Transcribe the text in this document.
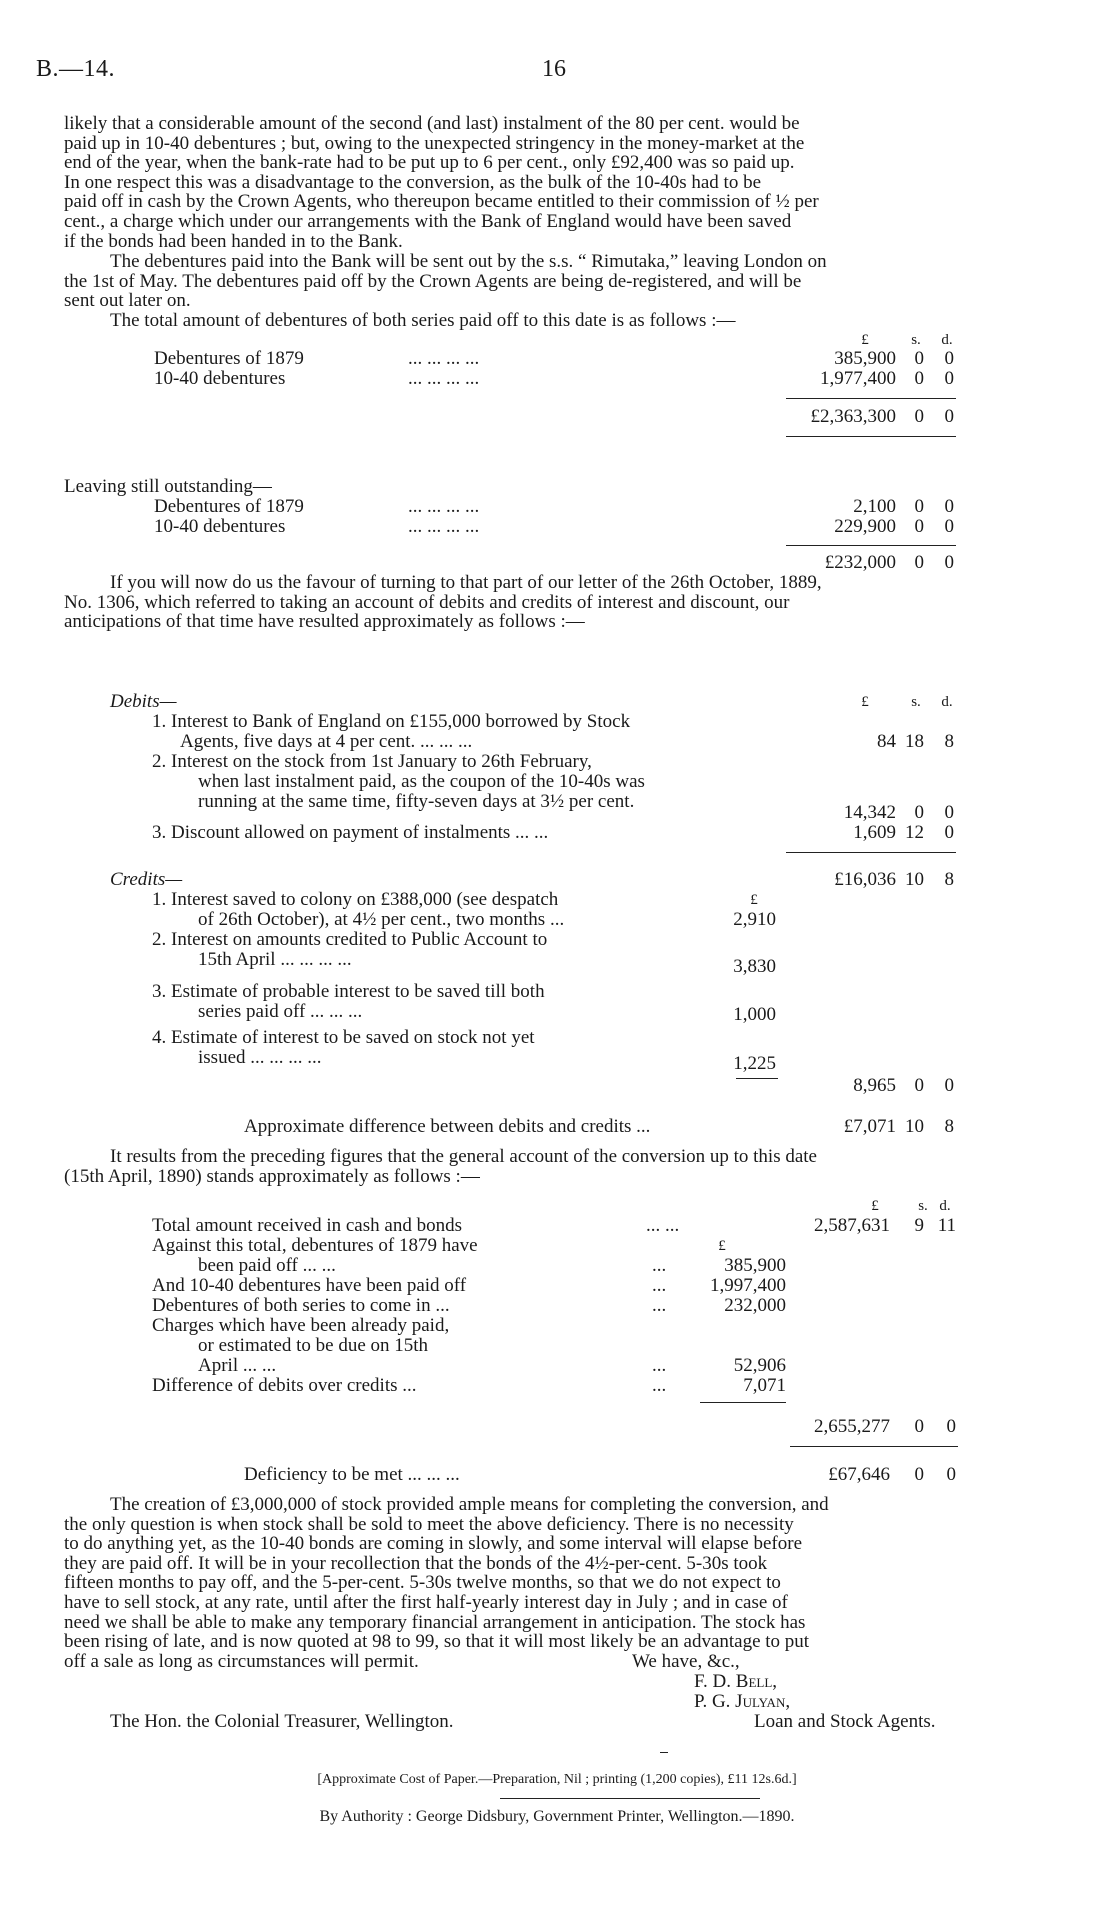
B.—14.	16
likely that a considerable amount of the second (and last) instalment of the 80 per cent. would be
paid up in 10-40 debentures ; but, owing to the unexpected stringency in the money-market at the
end of the year, when the bank-rate had to be put up to 6 per cent., only £92,400 was so paid up.
In one respect this was a disadvantage to the conversion, as the bulk of the 10-40s had to be
paid off in cash by the Crown Agents, who thereupon became entitled to their commission of ½ per
cent., a charge which under our arrangements with the Bank of England would have been saved
if the bonds had been handed in to the Bank.
The debentures paid into the Bank will be sent out by the s.s. “ Rimutaka,” leaving London on
the 1st of May. The debentures paid off by the Crown Agents are being de-registered, and will be
sent out later on.
The total amount of debentures of both series paid off to this date is as follows :—
£	s.	d.
Debentures of 1879	... ... ... ...	385,900 0	0
10-40 debentures	... ... ... ...	1,977,400 0	0
£2,363,300 0	0
Leaving still outstanding—
Debentures of 1879	... ... ... ...	2,100 0	0
10-40 debentures	... ... ... ...	229,900 0	0
£232,000 0	0
If you will now do us the favour of turning to that part of our letter of the 26th October, 1889,
No. 1306, which referred to taking an account of debits and credits of interest and discount, our
anticipations of that time have resulted approximately as follows :—
Debits—	£	s.	d.
1. Interest to Bank of England on £155,000 borrowed by Stock
Agents, five days at 4 per cent. ... ... ...	84 18	8
2. Interest on the stock from 1st January to 26th February,
when last instalment paid, as the coupon of the 10-40s was
running at the same time, fifty-seven days at 3½ per cent.
14,342 0	0
3. Discount allowed on payment of instalments ... ...	1,609 12	0
Credits—	£16,036 10	8
£
1. Interest saved to colony on £388,000 (see despatch
of 26th October), at 4½ per cent., two months ...	2,910
2. Interest on amounts credited to Public Account to
15th April ... ... ... ...	3,830
3. Estimate of probable interest to be saved till both
series paid off ... ... ...	1,000
4. Estimate of interest to be saved on stock not yet
issued ... ... ... ...	1,225
8,965 0	0
Approximate difference between debits and credits ...	£7,071 10	8
It results from the preceding figures that the general account of the conversion up to this date
(15th April, 1890) stands approximately as follows :—
£	s. d.
Total amount received in cash and bonds	... ...	2,587,631	9 11
£
Against this total, debentures of 1879 have
been paid off ... ...	...	385,900
And 10-40 debentures have been paid off	...	1,997,400
Debentures of both series to come in ...	...	232,000
Charges which have been already paid,
or estimated to be due on 15th
April ... ...	...	52,906
Difference of debits over credits ...	...	7,071
2,655,277	0	0
Deficiency to be met ... ... ...	£67,646	0	0
The creation of £3,000,000 of stock provided ample means for completing the conversion, and
the only question is when stock shall be sold to meet the above deficiency. There is no necessity
to do anything yet, as the 10-40 bonds are coming in slowly, and some interval will elapse before
they are paid off. It will be in your recollection that the bonds of the 4½-per-cent. 5-30s took
fifteen months to pay off, and the 5-per-cent. 5-30s twelve months, so that we do not expect to
have to sell stock, at any rate, until after the first half-yearly interest day in July ; and in case of
need we shall be able to make any temporary financial arrangement in anticipation. The stock has
been rising of late, and is now quoted at 98 to 99, so that it will most likely be an advantage to put
off a sale as long as circumstances will permit.	We have, &c.,
F. D. Bell,
P. G. Julyan,
The Hon. the Colonial Treasurer, Wellington.	Loan and Stock Agents.
[Approximate Cost of Paper.—Preparation, Nil ; printing (1,200 copies), £11 12s.6d.]
By Authority : George Didsbury, Government Printer, Wellington.—1890.
